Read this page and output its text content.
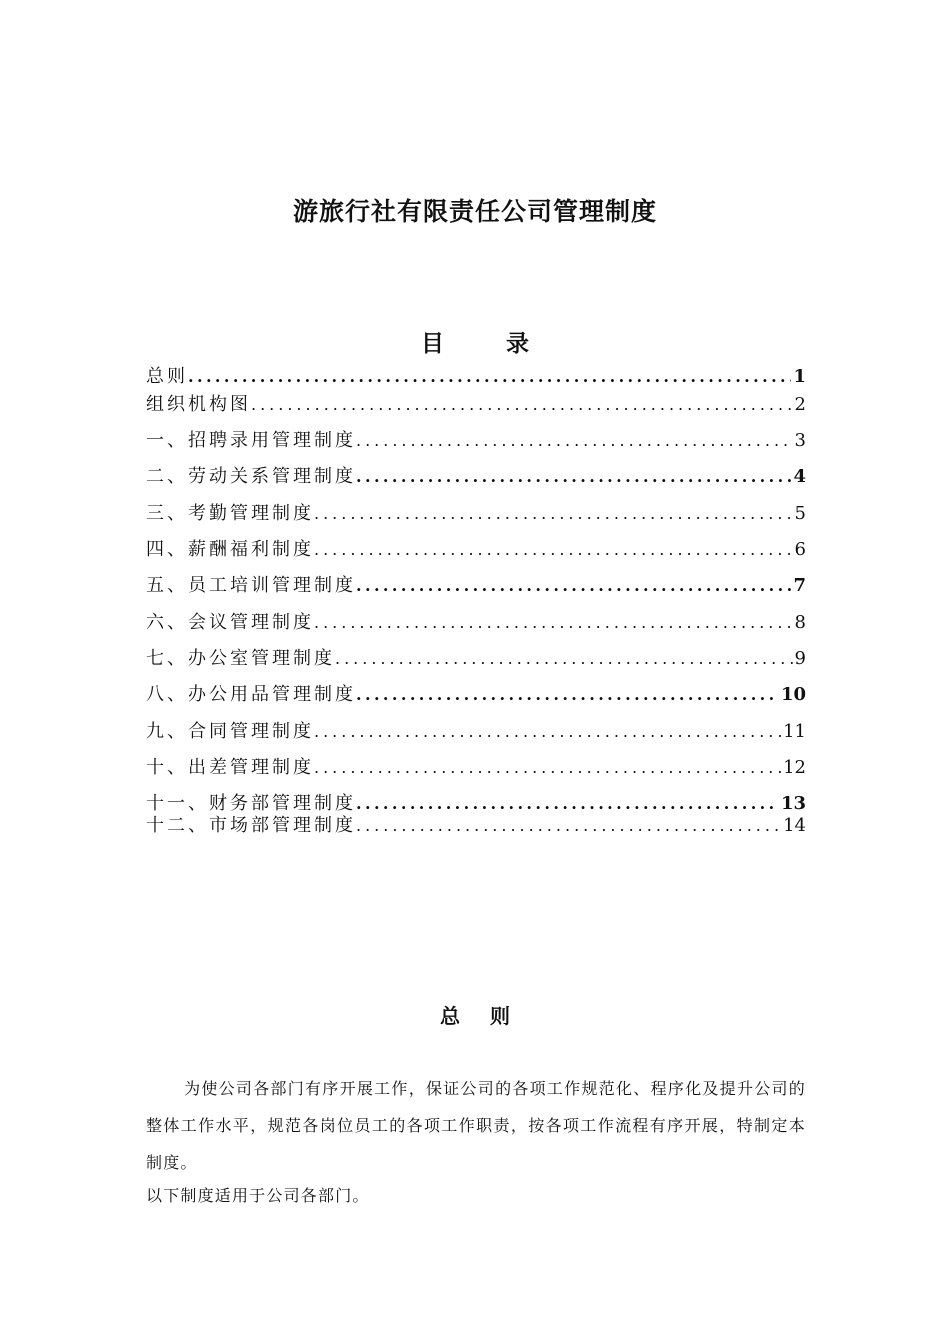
游旅行社有限责任公司管理制度
目	录
总则 .....	1
组织机构图 .....	2
一、招聘录用管理制度 .....	3
二、劳动关系管理制度 .....	4
三、考勤管理制度 .....	5
四、薪酬福利制度 .....	6
五、员工培训管理制度 .....	7
六、会议管理制度 .....	8
七、办公室管理制度 .....	9
八、办公用品管理制度 .....	10
九、合同管理制度 .....	11
十、出差管理制度 .....	12
十一、财务部管理制度 .....	13
十二、市场部管理制度 .....	14
总 则
为使公司各部门有序开展工作，保证公司的各项工作规范化、程序化及提升公司的整体工作水平，规范各岗位员工的各项工作职责，按各项工作流程有序开展，特制定本制度。
以下制度适用于公司各部门。
